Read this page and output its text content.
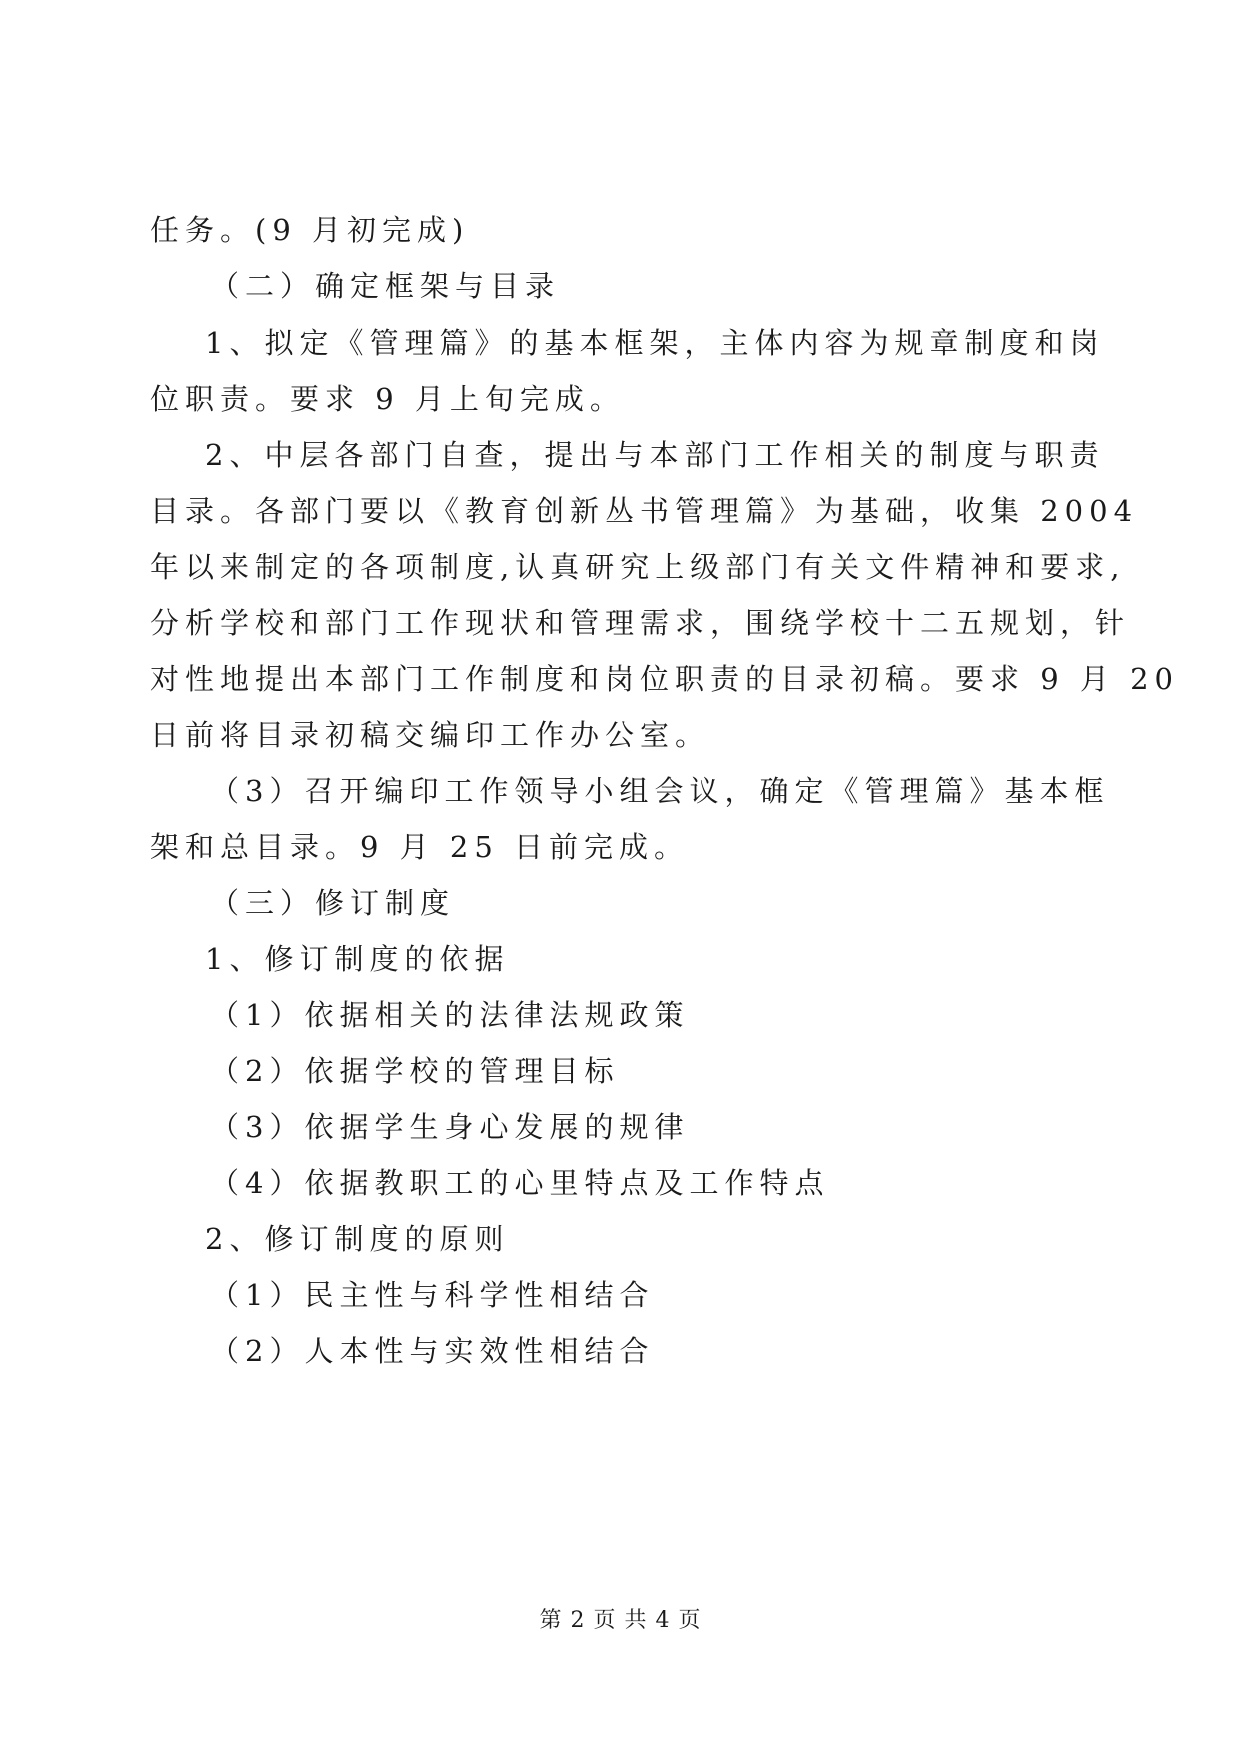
任务。(9 月初完成)

（二）确定框架与目录

1、拟定《管理篇》的基本框架，主体内容为规章制度和岗

位职责。要求 9 月上旬完成。

2、中层各部门自查，提出与本部门工作相关的制度与职责

目录。各部门要以《教育创新丛书管理篇》为基础，收集 2004

年以来制定的各项制度,认真研究上级部门有关文件精神和要求,

分析学校和部门工作现状和管理需求，围绕学校十二五规划，针

对性地提出本部门工作制度和岗位职责的目录初稿。要求 9 月 20

日前将目录初稿交编印工作办公室。

（3）召开编印工作领导小组会议，确定《管理篇》基本框

架和总目录。9 月 25 日前完成。

（三）修订制度

1、修订制度的依据

（1）依据相关的法律法规政策

（2）依据学校的管理目标

（3）依据学生身心发展的规律

（4）依据教职工的心里特点及工作特点

2、修订制度的原则

（1）民主性与科学性相结合

（2）人本性与实效性相结合

第 2 页 共 4 页
